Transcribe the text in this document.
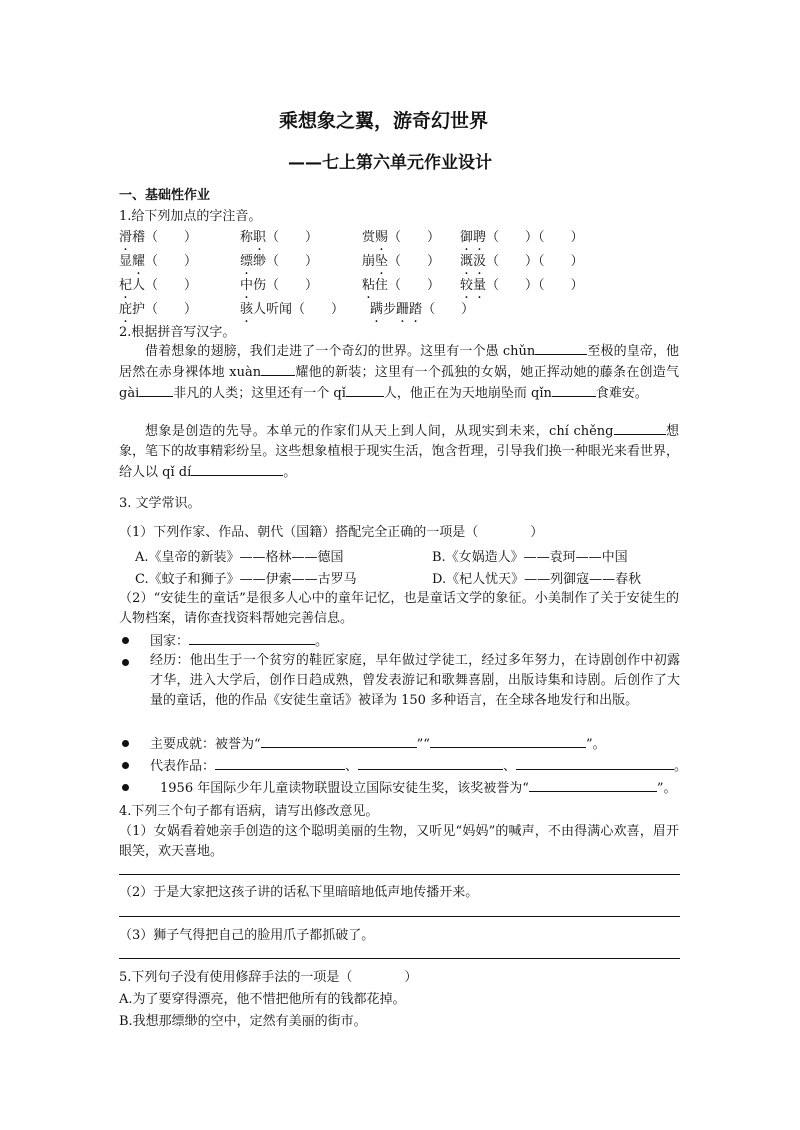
乘想象之翼，游奇幻世界
——七上第六单元作业设计
一、基础性作业
1.给下列加点的字注音。
滑稽（　　）	称职（　　）	赏赐（　　） 御聘（　　）（　　）
显耀（　　）	缥缈（　　）	崩坠（　　） 溉汲（　　）（　　）
杞人（　　）	中伤（　　）	粘住（　　） 较量（　　）（　　）
庇护（　　）	骇人听闻（　　） 蹒步跚踏（　　）
2.根据拼音写汉字。
借着想象的翅膀，我们走进了一个奇幻的世界。这里有一个愚 chǔn	至极的皇帝，他居然在赤身裸体地 xuàn	耀他的新装；这里有一个孤独的女娲，她正挥动她的藤条在创造气 gài	非凡的人类；这里还有一个 qǐ	人，他正在为天地崩坠而 qǐn	食难安。
想象是创造的先导。本单元的作家们从天上到人间，从现实到未来，chí chěng	想象，笔下的故事精彩纷呈。这些想象植根于现实生活，饱含哲理，引导我们换一种眼光来看世界，给人以 qǐ dí	。
3. 文学常识。
（1）下列作家、作品、朝代（国籍）搭配完全正确的一项是（　　　　）
A.《皇帝的新装》——格林——德国	B.《女娲造人》——袁珂——中国
C.《蚊子和狮子》——伊索——古罗马	D.《杞人忧天》——列御寇——春秋
（2）“安徒生的童话”是很多人心中的童年记忆，也是童话文学的象征。小美制作了关于安徒生的人物档案，请你查找资料帮她完善信息。
国家：	。
经历：他出生于一个贫穷的鞋匠家庭，早年做过学徒工，经过多年努力，在诗剧创作中初露才华，进入大学后，创作日趋成熟，曾发表游记和歌舞喜剧，出版诗集和诗剧。后创作了大量的童话，他的作品《安徒生童话》被译为 150 多种语言，在全球各地发行和出版。
主要成就：被誉为“	”“	”。
代表作品：	、	、	。
1956 年国际少年儿童读物联盟设立国际安徒生奖，该奖被誉为“	”。
4.下列三个句子都有语病，请写出修改意见。
（1）女娲看着她亲手创造的这个聪明美丽的生物，又听见“妈妈”的喊声，不由得满心欢喜，眉开眼笑，欢天喜地。
（2）于是大家把这孩子讲的话私下里暗暗地低声地传播开来。
（3）狮子气得把自己的脸用爪子都抓破了。
5.下列句子没有使用修辞手法的一项是（　　　　）
A.为了要穿得漂亮，他不惜把他所有的钱都花掉。
B.我想那缥缈的空中，定然有美丽的街市。
